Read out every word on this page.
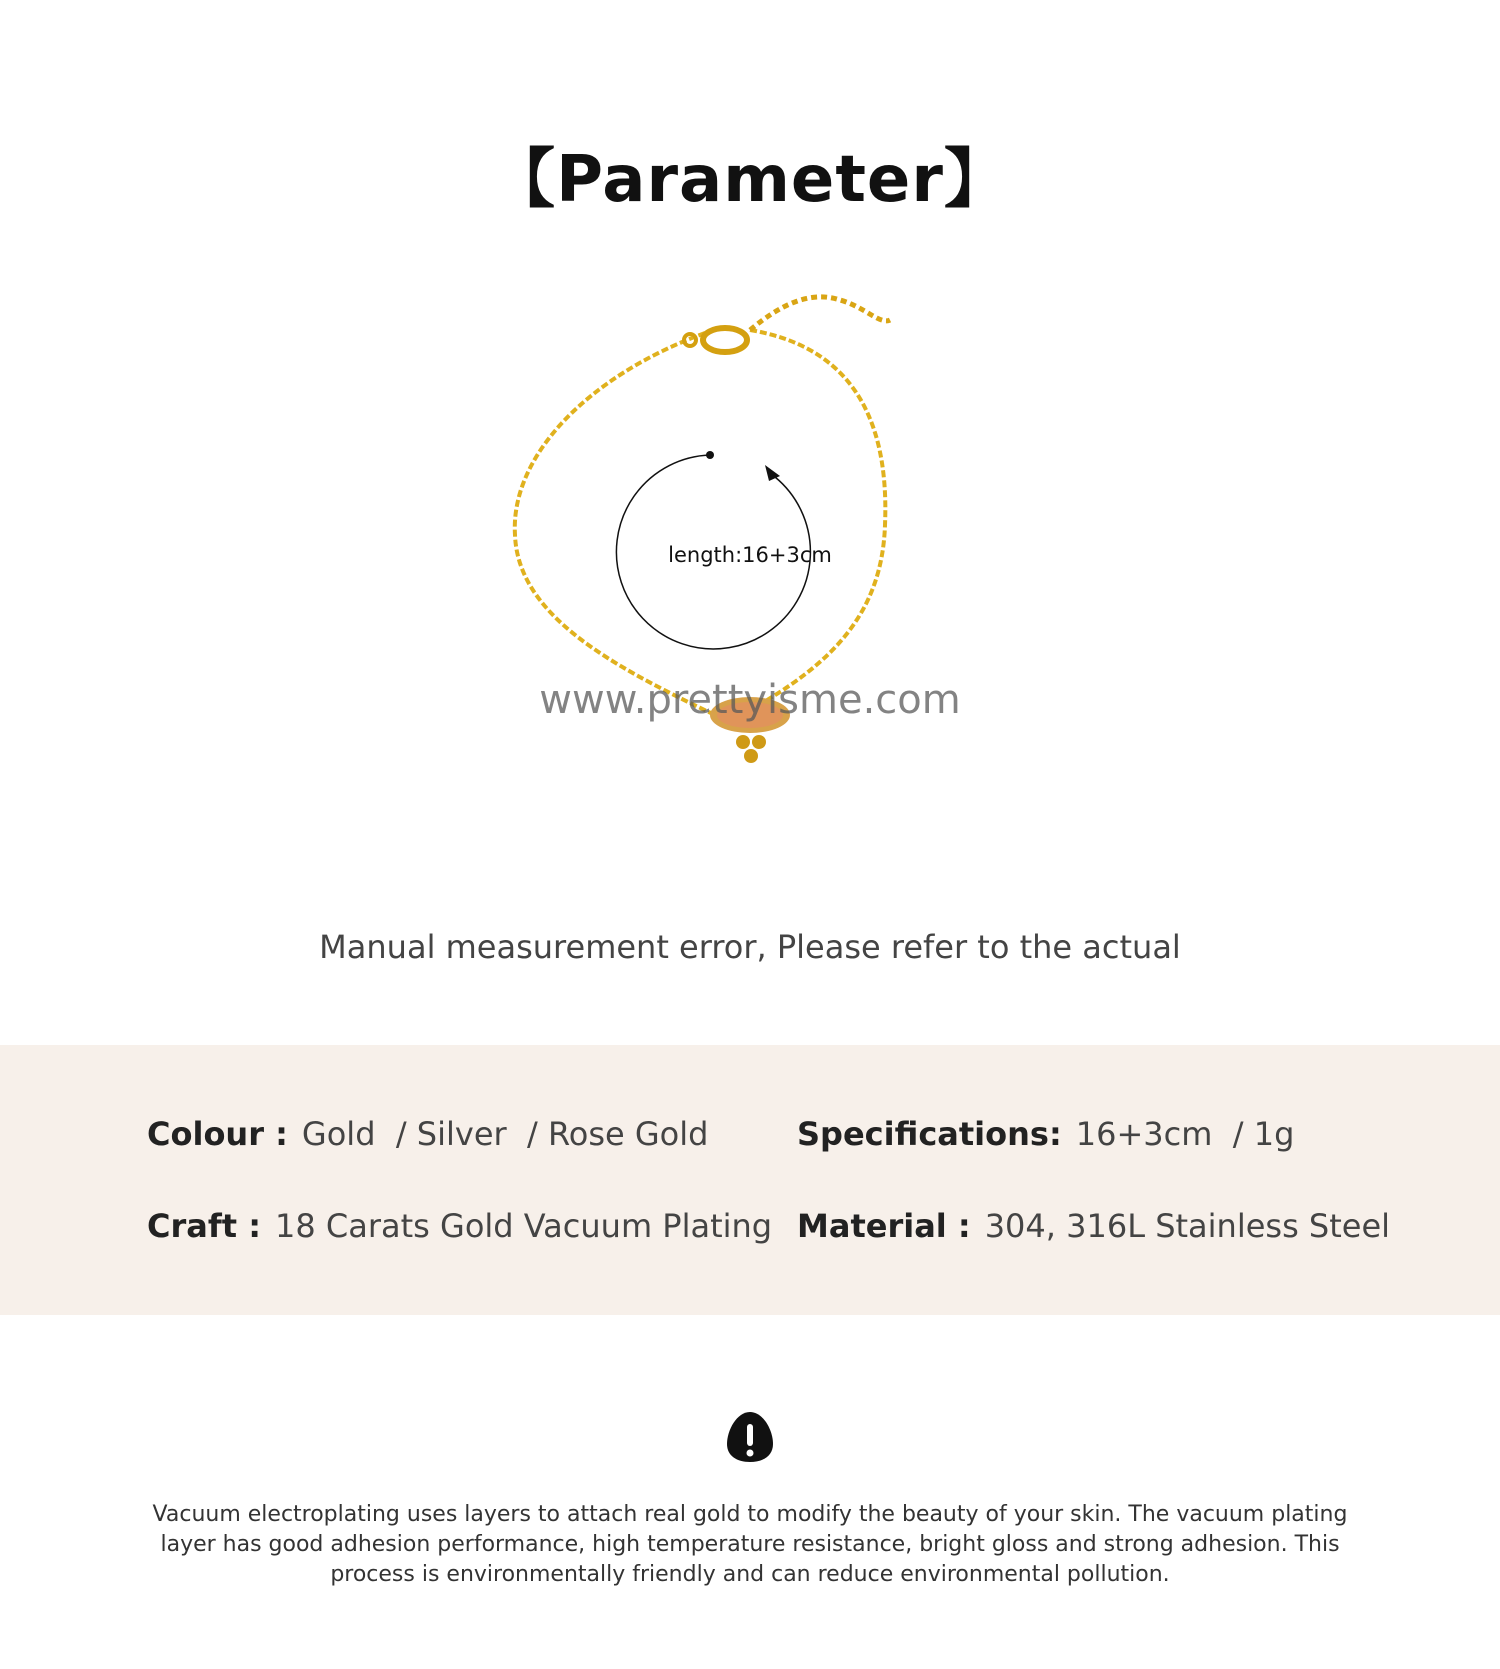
【Parameter】
length:16+3cm
www.prettyisme.com
Manual measurement error, Please refer to the actual
Colour : Gold  / Silver  / Rose Gold	Specifications: 16+3cm  / 1g
Craft : 18 Carats Gold Vacuum Plating Material : 304, 316L Stainless Steel
Vacuum electroplating uses layers to attach real gold to modify the beauty of your skin. The vacuum plating layer has good adhesion performance, high temperature resistance, bright gloss and strong adhesion. This process is environmentally friendly and can reduce environmental pollution.
